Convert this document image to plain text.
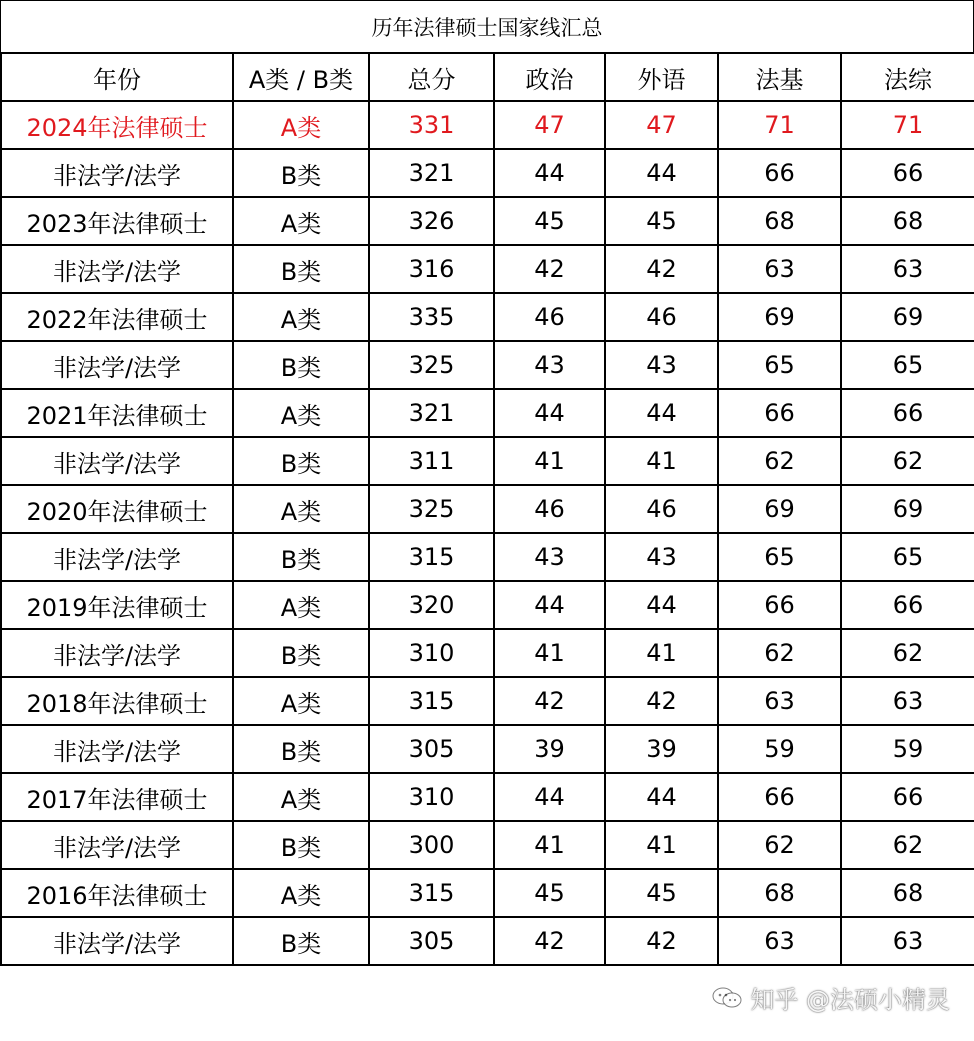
历年法律硕士国家线汇总
年份	A类 / B类	总分	政治	外语	法基	法综
2024年法律硕士	A类	331	47	47	71	71
非法学/法学	B类	321	44	44	66	66
2023年法律硕士	A类	326	45	45	68	68
非法学/法学	B类	316	42	42	63	63
2022年法律硕士	A类	335	46	46	69	69
非法学/法学	B类	325	43	43	65	65
2021年法律硕士	A类	321	44	44	66	66
非法学/法学	B类	311	41	41	62	62
2020年法律硕士	A类	325	46	46	69	69
非法学/法学	B类	315	43	43	65	65
2019年法律硕士	A类	320	44	44	66	66
非法学/法学	B类	310	41	41	62	62
2018年法律硕士	A类	315	42	42	63	63
非法学/法学	B类	305	39	39	59	59
2017年法律硕士	A类	310	44	44	66	66
非法学/法学	B类	300	41	41	62	62
2016年法律硕士	A类	315	45	45	68	68
非法学/法学	B类	305	42	42	63	63
知乎 @法硕小精灵
